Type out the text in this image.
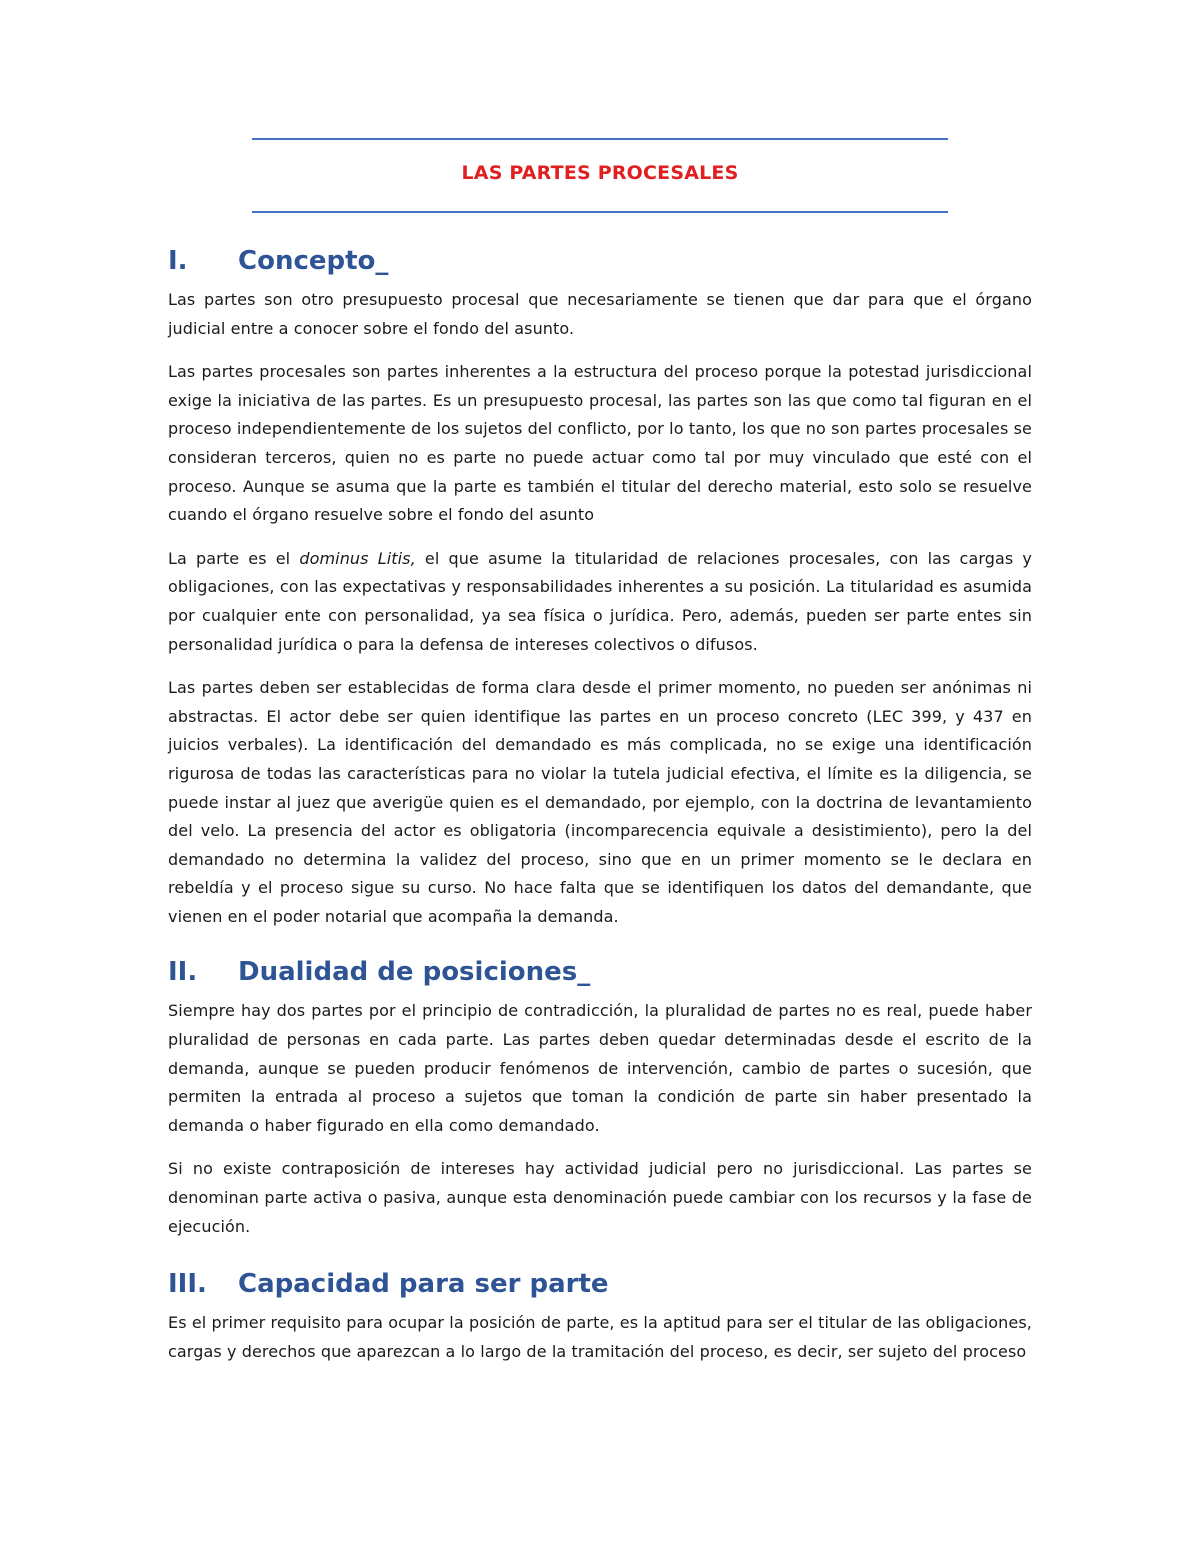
LAS PARTES PROCESALES
I.	Concepto_

Las partes son otro presupuesto procesal que necesariamente se tienen que dar para que el órgano judicial entre a conocer sobre el fondo del asunto.

Las partes procesales son partes inherentes a la estructura del proceso porque la potestad jurisdiccional exige la iniciativa de las partes. Es un presupuesto procesal, las partes son las que como tal figuran en el proceso independientemente de los sujetos del conflicto, por lo tanto, los que no son partes procesales se consideran terceros, quien no es parte no puede actuar como tal por muy vinculado que esté con el proceso. Aunque se asuma que la parte es también el titular del derecho material, esto solo se resuelve cuando el órgano resuelve sobre el fondo del asunto

La parte es el dominus Litis, el que asume la titularidad de relaciones procesales, con las cargas y obligaciones, con las expectativas y responsabilidades inherentes a su posición. La titularidad es asumida por cualquier ente con personalidad, ya sea física o jurídica. Pero, además, pueden ser parte entes sin personalidad jurídica o para la defensa de intereses colectivos o difusos.

Las partes deben ser establecidas de forma clara desde el primer momento, no pueden ser anónimas ni abstractas. El actor debe ser quien identifique las partes en un proceso concreto (LEC 399, y 437 en juicios verbales). La identificación del demandado es más complicada, no se exige una identificación rigurosa de todas las características para no violar la tutela judicial efectiva, el límite es la diligencia, se puede instar al juez que averigüe quien es el demandado, por ejemplo, con la doctrina de levantamiento del velo. La presencia del actor es obligatoria (incomparecencia equivale a desistimiento), pero la del demandado no determina la validez del proceso, sino que en un primer momento se le declara en rebeldía y el proceso sigue su curso. No hace falta que se identifiquen los datos del demandante, que vienen en el poder notarial que acompaña la demanda.

II.	Dualidad de posiciones_

Siempre hay dos partes por el principio de contradicción, la pluralidad de partes no es real, puede haber pluralidad de personas en cada parte. Las partes deben quedar determinadas desde el escrito de la demanda, aunque se pueden producir fenómenos de intervención, cambio de partes o sucesión, que permiten la entrada al proceso a sujetos que toman la condición de parte sin haber presentado la demanda o haber figurado en ella como demandado.

Si no existe contraposición de intereses hay actividad judicial pero no jurisdiccional. Las partes se denominan parte activa o pasiva, aunque esta denominación puede cambiar con los recursos y la fase de ejecución.

III.	Capacidad para ser parte

Es el primer requisito para ocupar la posición de parte, es la aptitud para ser el titular de las obligaciones, cargas y derechos que aparezcan a lo largo de la tramitación del proceso, es decir, ser sujeto del proceso
